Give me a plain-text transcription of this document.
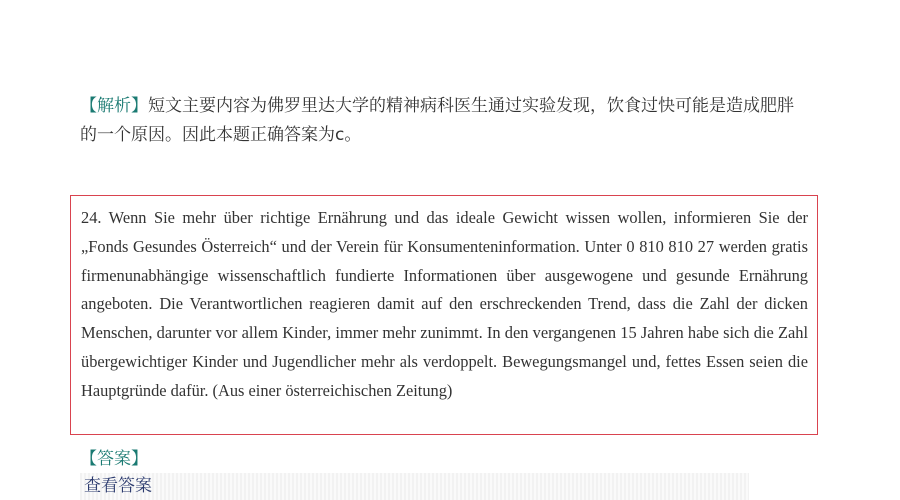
【解析】短文主要内容为佛罗里达大学的精神病科医生通过实验发现，饮食过快可能是造成肥胖的一个原因。因此本题正确答案为c。

24. Wenn Sie mehr über richtige Ernährung und das ideale Gewicht wissen wollen, informieren Sie der „Fonds Gesundes Österreich“ und der Verein für Konsumenteninformation. Unter 0 810 810 27 werden gratis firmenunabhängige wissenschaftlich fundierte Informationen über ausgewogene und gesunde Ernährung angeboten. Die Verantwortlichen reagieren damit auf den erschreckenden Trend, dass die Zahl der dicken Menschen, darunter vor allem Kinder, immer mehr zunimmt. In den vergangenen 15 Jahren habe sich die Zahl übergewichtiger Kinder und Jugendlicher mehr als verdoppelt. Bewegungsmangel und, fettes Essen seien die Hauptgründe dafür. (Aus einer österreichischen Zeitung)

【答案】查看答案
